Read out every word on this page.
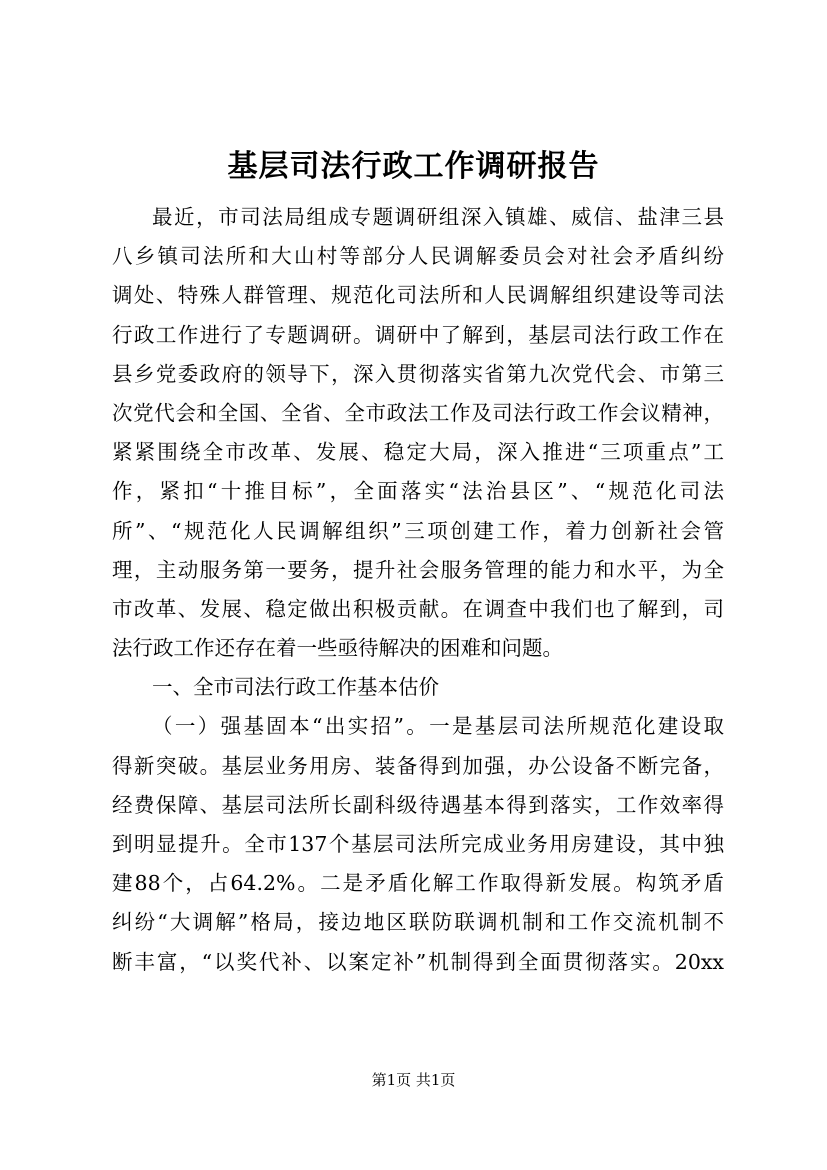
基层司法行政工作调研报告
最近，市司法局组成专题调研组深入镇雄、威信、盐津三县
八乡镇司法所和大山村等部分人民调解委员会对社会矛盾纠纷
调处、特殊人群管理、规范化司法所和人民调解组织建设等司法
行政工作进行了专题调研。调研中了解到，基层司法行政工作在
县乡党委政府的领导下，深入贯彻落实省第九次党代会、市第三
次党代会和全国、全省、全市政法工作及司法行政工作会议精神，
紧紧围绕全市改革、发展、稳定大局，深入推进“三项重点”工
作，紧扣“十推目标”，全面落实“法治县区”、“规范化司法
所”、“规范化人民调解组织”三项创建工作，着力创新社会管
理，主动服务第一要务，提升社会服务管理的能力和水平，为全
市改革、发展、稳定做出积极贡献。在调查中我们也了解到，司
法行政工作还存在着一些亟待解决的困难和问题。
一、全市司法行政工作基本估价
（一）强基固本“出实招”。一是基层司法所规范化建设取
得新突破。基层业务用房、装备得到加强，办公设备不断完备，
经费保障、基层司法所长副科级待遇基本得到落实，工作效率得
到明显提升。全市137个基层司法所完成业务用房建设，其中独
建88个，占64.2%。二是矛盾化解工作取得新发展。构筑矛盾
纠纷“大调解”格局，接边地区联防联调机制和工作交流机制不
断丰富，“以奖代补、以案定补”机制得到全面贯彻落实。20xx
第1页 共1页
